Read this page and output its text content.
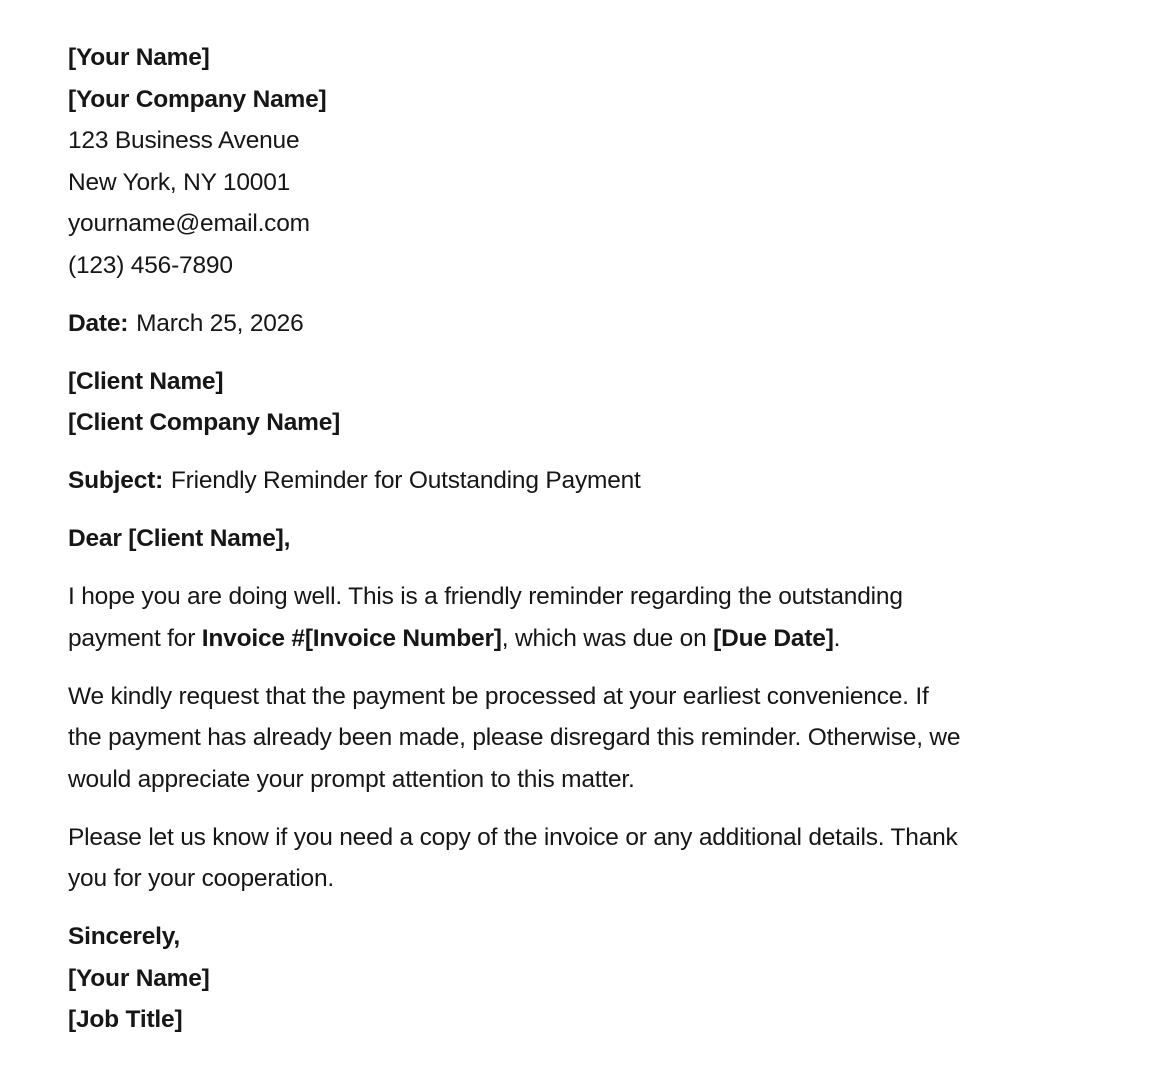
[Your Name]
[Your Company Name]
123 Business Avenue
New York, NY 10001
yourname@email.com
(123) 456-7890
Date: March 25, 2026
[Client Name]
[Client Company Name]
Subject: Friendly Reminder for Outstanding Payment
Dear [Client Name],
I hope you are doing well. This is a friendly reminder regarding the outstanding
payment for Invoice #[Invoice Number], which was due on [Due Date].
We kindly request that the payment be processed at your earliest convenience. If
the payment has already been made, please disregard this reminder. Otherwise, we
would appreciate your prompt attention to this matter.
Please let us know if you need a copy of the invoice or any additional details. Thank
you for your cooperation.
Sincerely,
[Your Name]
[Job Title]
